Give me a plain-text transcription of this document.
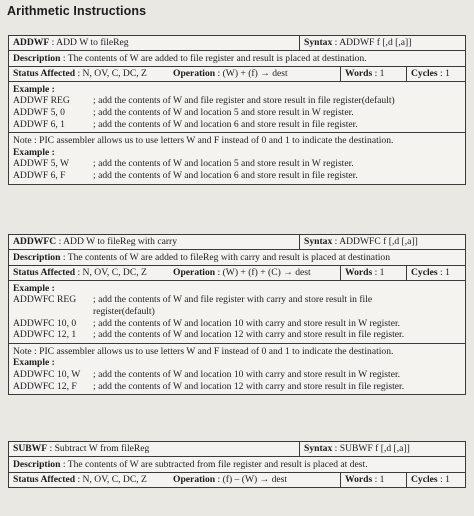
Arithmetic Instructions
ADDWF : ADD W to fileReg	Syntax : ADDWF f [,d [,a]]
Description : The contents of W are added to file register and result is placed at destination.
Status Affected : N, OV, C, DC, Z	Operation : (W) + (f) → dest	Words : 1	Cycles : 1
Example :
ADDWF REG	; add the contents of W and file register and store result in file register(default)
ADDWF 5, 0	; add the contents of W and location 5 and store result in W register.
ADDWF 6, 1	; add the contents of W and location 6 and store result in file register.
Note : PIC assembler allows us to use letters W and F instead of 0 and 1 to indicate the destination.
Example :
ADDWF 5, W	; add the contents of W and location 5 and store result in W register.
ADDWF 6, F	; add the contents of W and location 6 and store result in file register.
ADDWFC : ADD W to fileReg with carry	Syntax : ADDWFC f [,d [,a]]
Description : The contents of W are added to fileReg with carry and result is placed at destination
Status Affected : N, OV, C, DC, Z	Operation : (W) + (f) + (C) → dest	Words : 1	Cycles : 1
Example :
ADDWFC REG	; add the contents of W and file register with carry and store result in file
register(default)
ADDWFC 10, 0	; add the contents of W and location 10 with carry and store result in W register.
ADDWFC 12, 1	; add the contents of W and location 12 with carry and store result in file register.
Note : PIC assembler allows us to use letters W and F instead of 0 and 1 to indicate the destination.
Example :
ADDWFC 10, W	; add the contents of W and location 10 with carry and store result in W register.
ADDWFC 12, F	; add the contents of W and location 12 with carry and store result in file register.
SUBWF : Subtract W from fileReg	Syntax : SUBWF f [,d [,a]]
Description : The contents of W are subtracted from file register and result is placed at dest.
Status Affected : N, OV, C, DC, Z	Operation : (f) – (W) → dest	Words : 1	Cycles : 1
